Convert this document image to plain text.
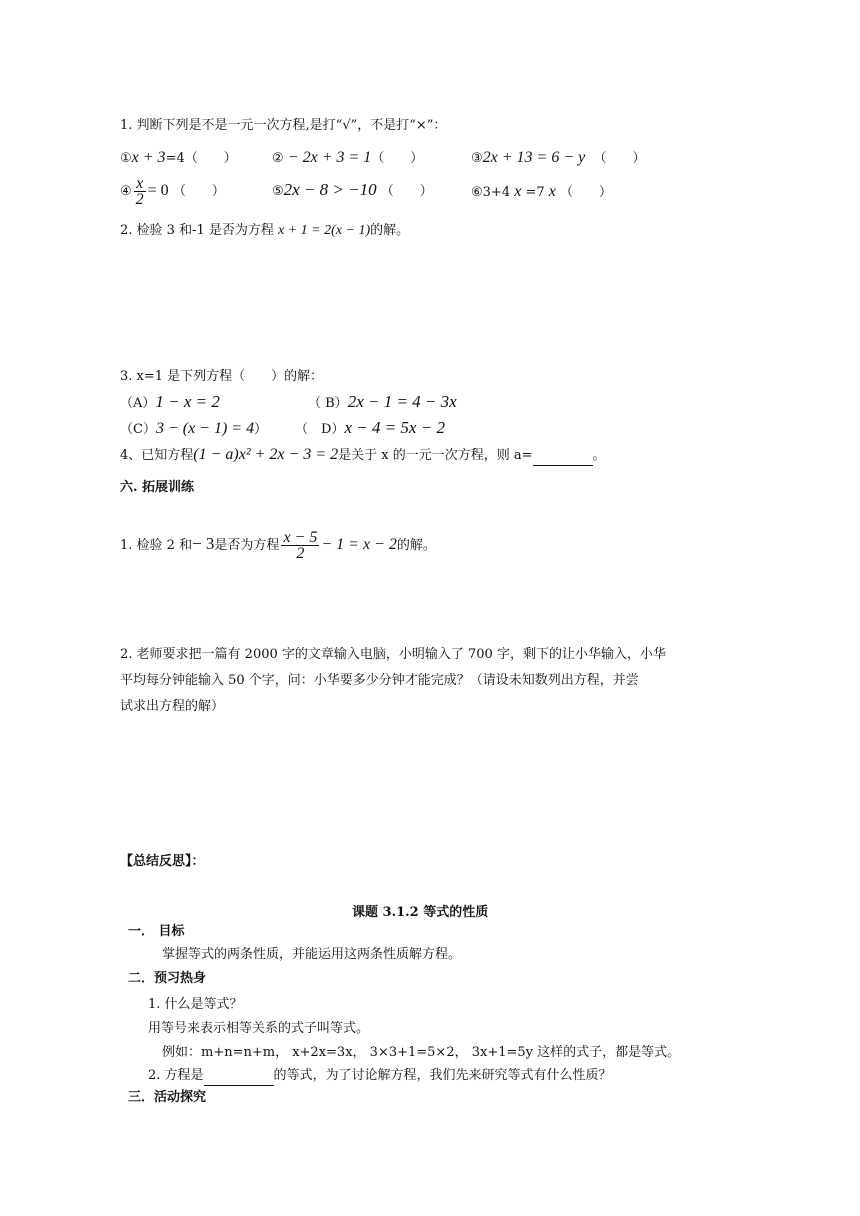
1. 判断下列是不是一元一次方程,是打“√”，不是打“×”：
①x + 3=4（　　）	② − 2x + 3 = 1（　　）	③2x + 13 = 6 − y （　　）
④ $\frac{x}{2} = 0$ （　　）	⑤2x − 8 > −10 （　　）	⑥3+4 x =7 x （　　）
2. 检验 3 和-1 是否为方程 x + 1 = 2(x − 1)的解。
3. x=1 是下列方程（　　）的解：
（A）1 − x = 2	（ B）2x − 1 = 4 − 3x
（C）3 − (x − 1) = 4） （　D）x − 4 = 5x − 2
4、已知方程(1 − a)x² + 2x − 3 = 2是关于 x 的一元一次方程，则 a=	。
六. 拓展训练
1. 检验 2 和− 3是否为方程 $\frac{x - 5}{2} - 1 = x - 2$的解。
2. 老师要求把一篇有 2000 字的文章输入电脑，小明输入了 700 字，剩下的让小华输入，小华
平均每分钟能输入 50 个字，问：小华要多少分钟才能完成？（请设未知数列出方程，并尝
试求出方程的解）
【总结反思】：
课题 3.1.2 等式的性质
一． 目标
掌握等式的两条性质，并能运用这两条性质解方程。
二．预习热身
1. 什么是等式？
用等号来表示相等关系的式子叫等式。
例如：m+n=n+m， x+2x=3x， 3×3+1=5×2， 3x+1=5y 这样的式子，都是等式。
2. 方程是	的等式，为了讨论解方程，我们先来研究等式有什么性质？
三．活动探究
